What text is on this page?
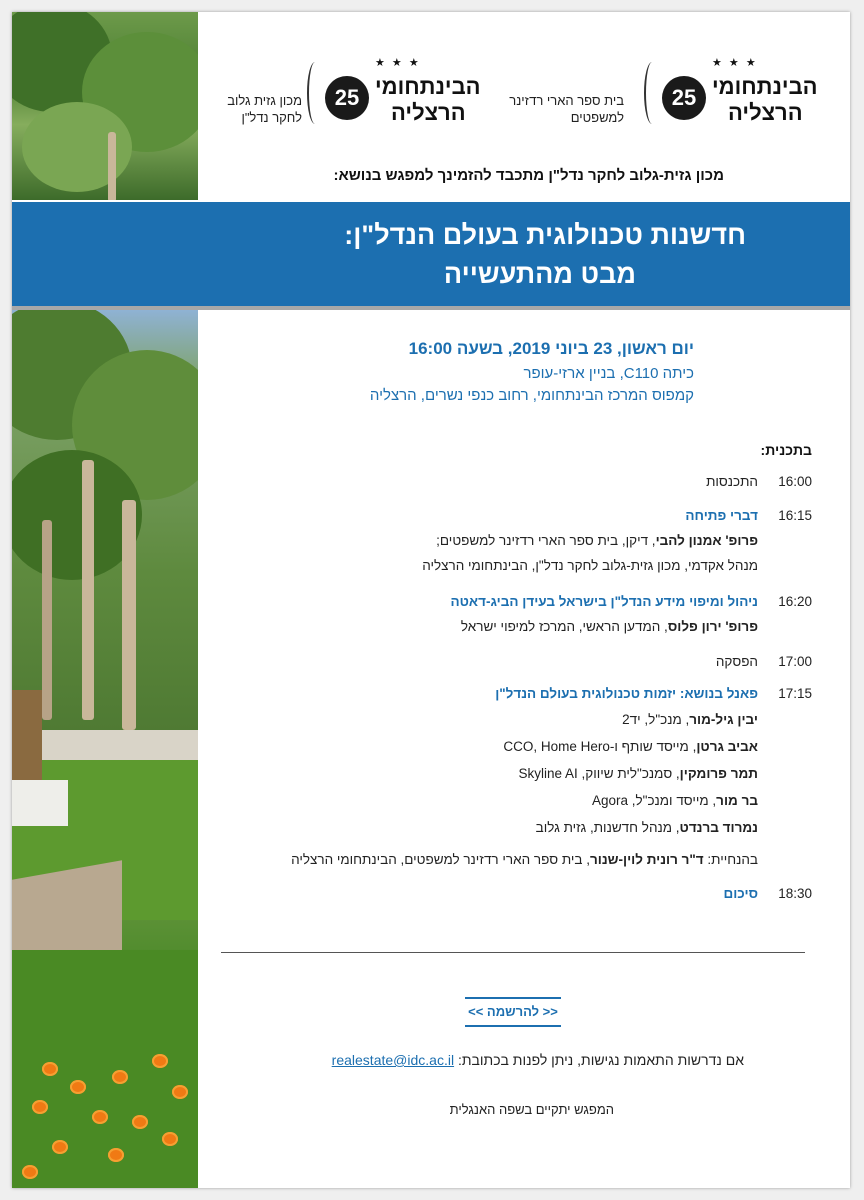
25
★ ★ ★
הבינתחומי
הרצליה
בית ספר הארי רדזינר
למשפטים
25
★ ★ ★
הבינתחומי
הרצליה
מכון גזית גלוב
לחקר נדל"ן
מכון גזית-גלוב לחקר נדל"ן מתכבד להזמינך למפגש בנושא:
חדשנות טכנולוגית בעולם הנדל"ן:
מבט מהתעשייה
יום ראשון, 23 ביוני 2019, בשעה 16:00
כיתה C110, בניין ארזי-עופר
קמפוס המרכז הבינתחומי, רחוב כנפי נשרים, הרצליה
בתכנית:
16:00
התכנסות
16:15
דברי פתיחה
פרופ' אמנון להבי, דיקן, בית ספר הארי רדזינר למשפטים;
מנהל אקדמי, מכון גזית-גלוב לחקר נדל"ן, הבינתחומי הרצליה
16:20
ניהול ומיפוי מידע הנדל"ן בישראל בעידן הביג-דאטה
פרופ' ירון פלוס, המדען הראשי, המרכז למיפוי ישראל
17:00
הפסקה
17:15
פאנל בנושא: יזמות טכנולוגית בעולם הנדל"ן
יבין גיל-מור, מנכ"ל, יד2
אביב גרטן, מייסד שותף ו-CCO, Home Hero
תמר פרומקין, סמנכ"לית שיווק, Skyline AI
בר מור, מייסד ומנכ"ל, Agora
נמרוד ברנדט, מנהל חדשנות, גזית גלוב
בהנחיית: ד"ר רונית לוין-שנור, בית ספר הארי רדזינר למשפטים, הבינתחומי הרצליה
18:30
סיכום
<< להרשמה >>
אם נדרשות התאמות נגישות, ניתן לפנות בכתובת: realestate@idc.ac.il
המפגש יתקיים בשפה האנגלית
